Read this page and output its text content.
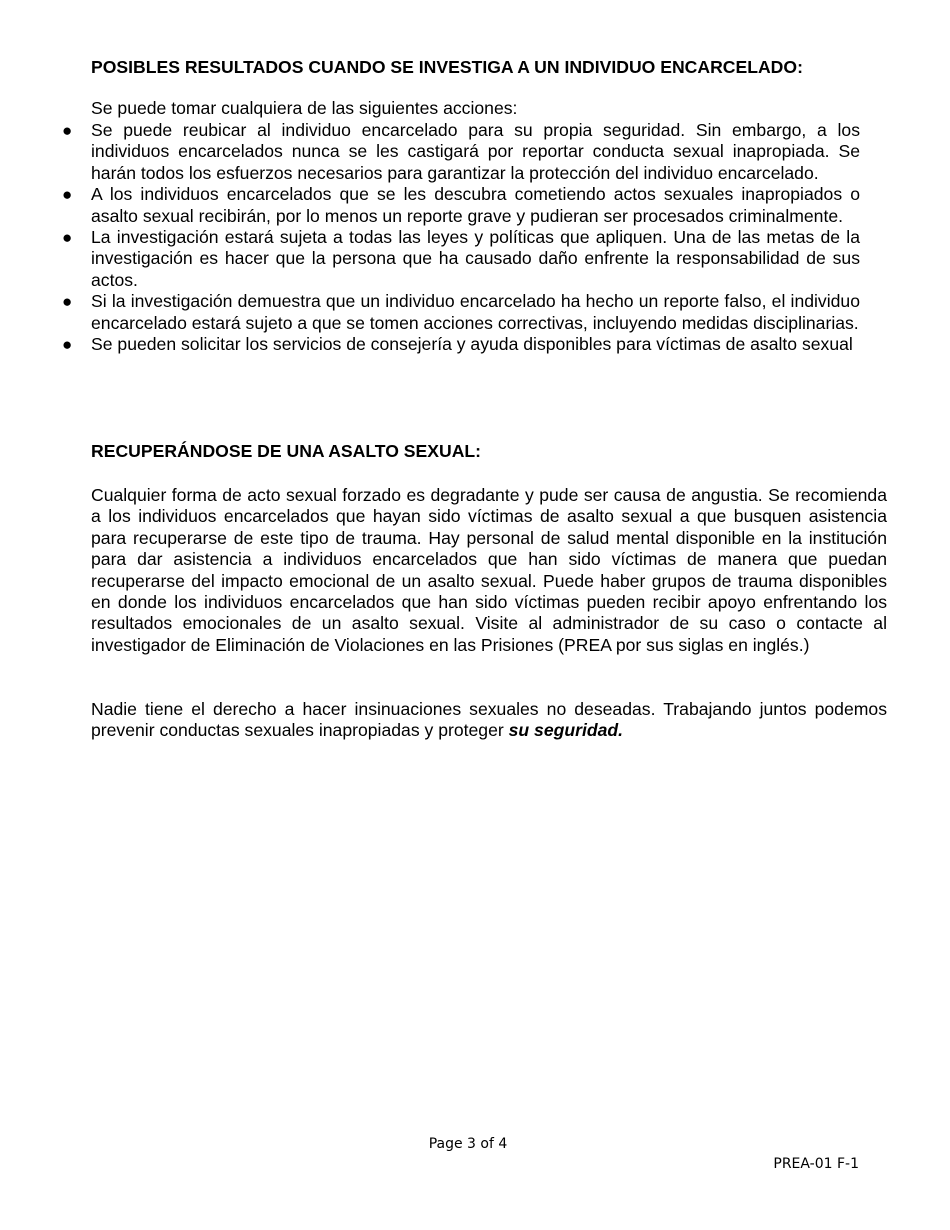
POSIBLES RESULTADOS CUANDO SE INVESTIGA A UN INDIVIDUO ENCARCELADO:

Se puede tomar cualquiera de las siguientes acciones:

● Se puede reubicar al individuo encarcelado para su propia seguridad. Sin embargo, a los individuos encarcelados nunca se les castigará por reportar conducta sexual inapropiada. Se harán todos los esfuerzos necesarios para garantizar la protección del individuo encarcelado.
● A los individuos encarcelados que se les descubra cometiendo actos sexuales inapropiados o asalto sexual recibirán, por lo menos un reporte grave y pudieran ser procesados criminalmente.
● La investigación estará sujeta a todas las leyes y políticas que apliquen. Una de las metas de la investigación es hacer que la persona que ha causado daño enfrente la responsabilidad de sus actos.
● Si la investigación demuestra que un individuo encarcelado ha hecho un reporte falso, el individuo encarcelado estará sujeto a que se tomen acciones correctivas, incluyendo medidas disciplinarias.
● Se pueden solicitar los servicios de consejería y ayuda disponibles para víctimas de asalto sexual
RECUPERÁNDOSE DE UNA ASALTO SEXUAL:

Cualquier forma de acto sexual forzado es degradante y pude ser causa de angustia. Se recomienda a los individuos encarcelados que hayan sido víctimas de asalto sexual a que busquen asistencia para recuperarse de este tipo de trauma. Hay personal de salud mental disponible en la institución para dar asistencia a individuos encarcelados que han sido víctimas de manera que puedan recuperarse del impacto emocional de un asalto sexual. Puede haber grupos de trauma disponibles en donde los individuos encarcelados que han sido víctimas pueden recibir apoyo enfrentando los resultados emocionales de un asalto sexual. Visite al administrador de su caso o contacte al investigador de Eliminación de Violaciones en las Prisiones (PREA por sus siglas en inglés.)

Nadie tiene el derecho a hacer insinuaciones sexuales no deseadas. Trabajando juntos podemos prevenir conductas sexuales inapropiadas y proteger su seguridad.

Page 3 of 4
PREA-01 F-1
